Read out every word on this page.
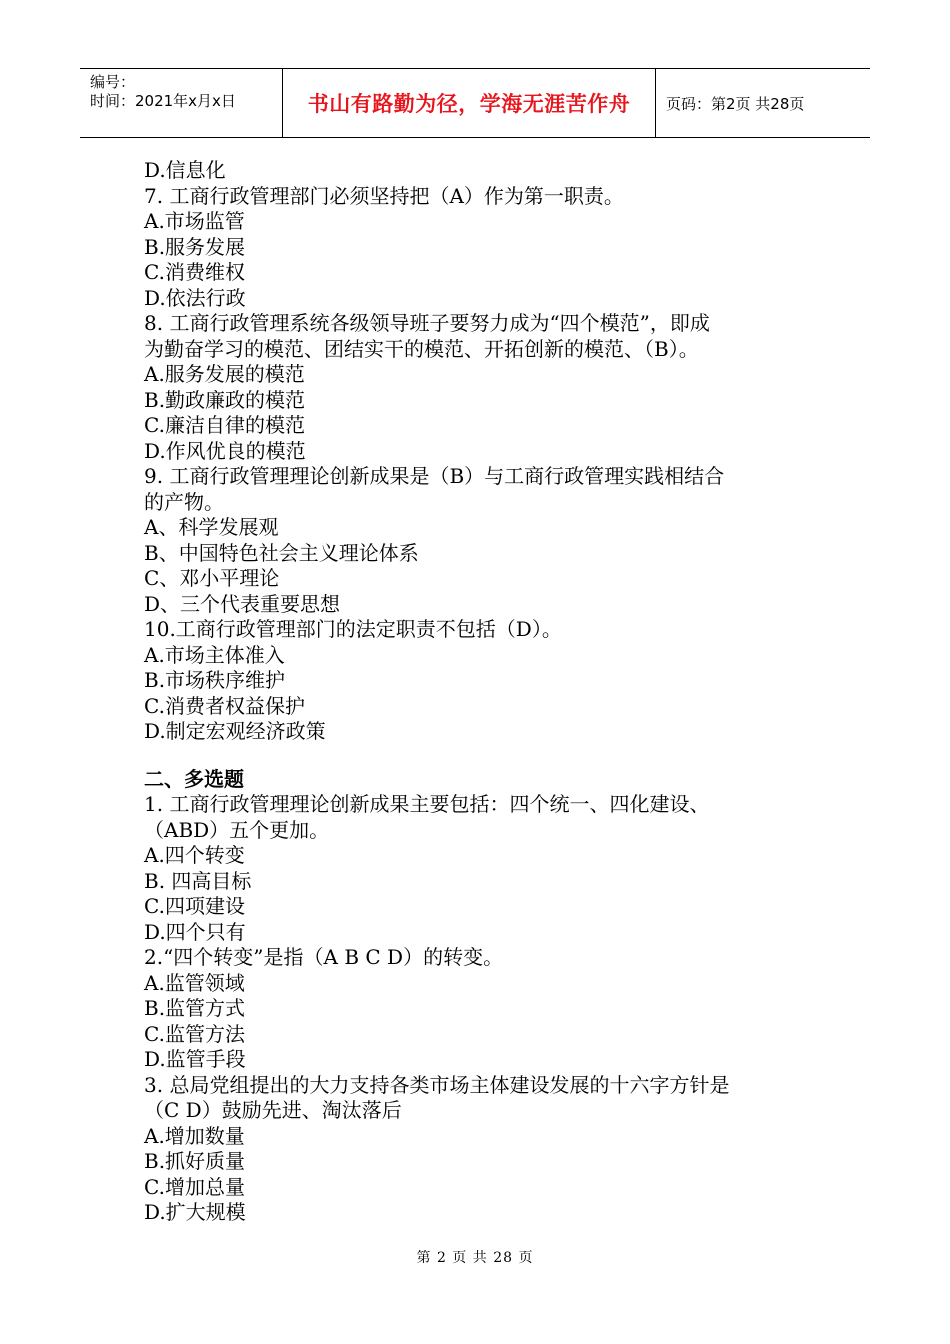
编号：
时间：2021年x月x日	书山有路勤为径，学海无涯苦作舟 页码：第2页 共28页
D.信息化
7. 工商行政管理部门必须坚持把（A）作为第一职责。
A.市场监管
B.服务发展
C.消费维权
D.依法行政
8. 工商行政管理系统各级领导班子要努力成为“四个模范”，即成
为勤奋学习的模范、团结实干的模范、开拓创新的模范、（B）。
A.服务发展的模范
B.勤政廉政的模范
C.廉洁自律的模范
D.作风优良的模范
9. 工商行政管理理论创新成果是（B）与工商行政管理实践相结合
的产物。
A、科学发展观
B、中国特色社会主义理论体系
C、邓小平理论
D、三个代表重要思想
10.工商行政管理部门的法定职责不包括（D）。
A.市场主体准入
B.市场秩序维护
C.消费者权益保护
D.制定宏观经济政策
二、多选题
1. 工商行政管理理论创新成果主要包括：四个统一、四化建设、
（ABD）五个更加。
A.四个转变
B. 四高目标
C.四项建设
D.四个只有
2.“四个转变”是指（A B C D）的转变。
A.监管领域
B.监管方式
C.监管方法
D.监管手段
3. 总局党组提出的大力支持各类市场主体建设发展的十六字方针是
（C D）鼓励先进、淘汰落后
A.增加数量
B.抓好质量
C.增加总量
D.扩大规模
第 2 页 共 28 页
